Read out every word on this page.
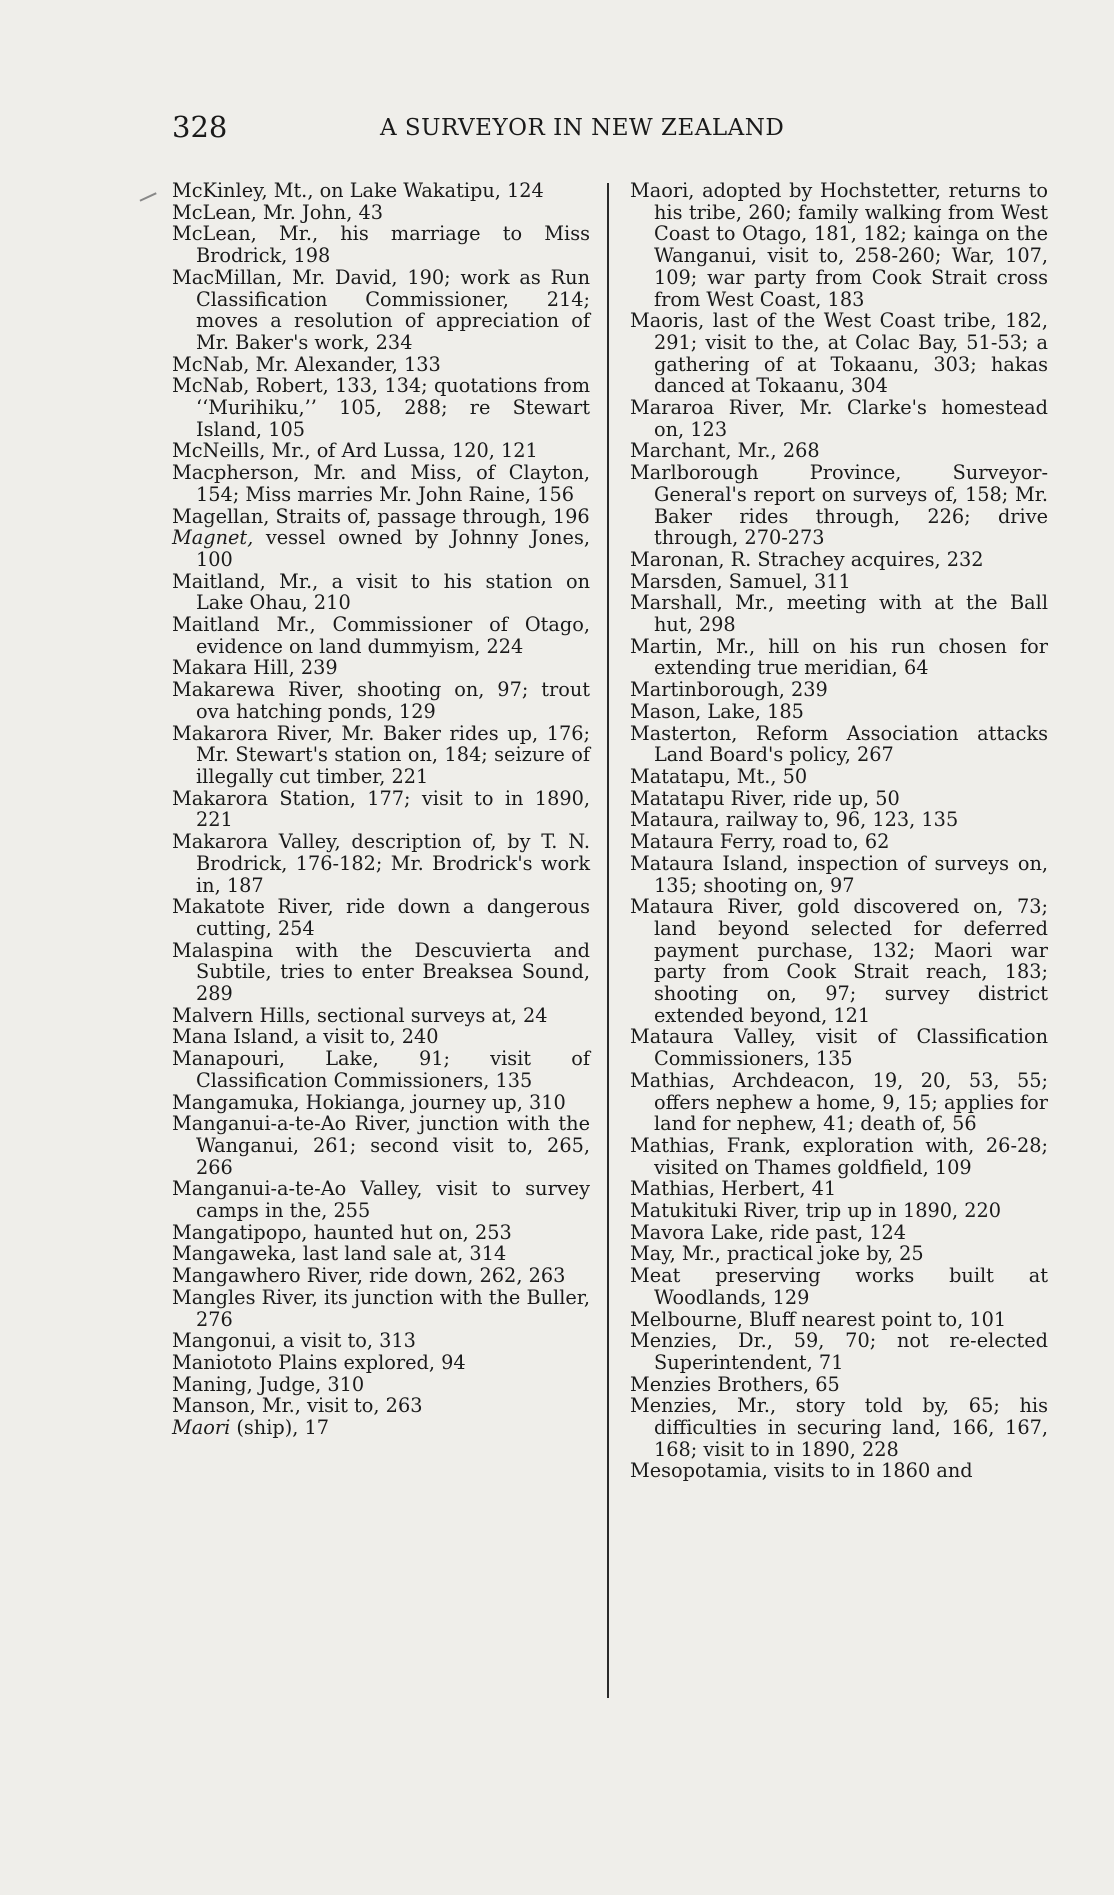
328	A SURVEYOR IN NEW ZEALAND

McKinley, Mt., on Lake Wakatipu, 124

McLean, Mr. John, 43

McLean, Mr., his marriage to Miss Brodrick, 198

MacMillan, Mr. David, 190; work as Run Classification Commissioner, 214; moves a resolution of appreciation of Mr. Baker's work, 234

McNab, Mr. Alexander, 133

McNab, Robert, 133, 134; quotations from ‘‘Murihiku,’’ 105, 288; re Stewart Island, 105

McNeills, Mr., of Ard Lussa, 120, 121

Macpherson, Mr. and Miss, of Clayton, 154; Miss marries Mr. John Raine, 156

Magellan, Straits of, passage through, 196

Magnet, vessel owned by Johnny Jones, 100

Maitland, Mr., a visit to his station on Lake Ohau, 210

Maitland Mr., Commissioner of Otago, evidence on land dummyism, 224

Makara Hill, 239

Makarewa River, shooting on, 97; trout ova hatching ponds, 129

Makarora River, Mr. Baker rides up, 176; Mr. Stewart's station on, 184; seizure of illegally cut timber, 221

Makarora Station, 177; visit to in 1890, 221

Makarora Valley, description of, by T. N. Brodrick, 176-182; Mr. Brodrick's work in, 187

Makatote River, ride down a dangerous cutting, 254

Malaspina with the Descuvierta and Subtile, tries to enter Breaksea Sound, 289

Malvern Hills, sectional surveys at, 24

Mana Island, a visit to, 240

Manapouri, Lake, 91; visit of Classification Commissioners, 135

Mangamuka, Hokianga, journey up, 310

Manganui-a-te-Ao River, junction with the Wanganui, 261; second visit to, 265, 266

Manganui-a-te-Ao Valley, visit to survey camps in the, 255

Mangatipopo, haunted hut on, 253

Mangaweka, last land sale at, 314

Mangawhero River, ride down, 262, 263

Mangles River, its junction with the Buller, 276

Mangonui, a visit to, 313

Maniototo Plains explored, 94

Maning, Judge, 310

Manson, Mr., visit to, 263

Maori (ship), 17

Maori, adopted by Hochstetter, returns to his tribe, 260; family walking from West Coast to Otago, 181, 182; kainga on the Wanganui, visit to, 258-260; War, 107, 109; war party from Cook Strait cross from West Coast, 183

Maoris, last of the West Coast tribe, 182, 291; visit to the, at Colac Bay, 51-53; a gathering of at Tokaanu, 303; hakas danced at Tokaanu, 304

Mararoa River, Mr. Clarke's homestead on, 123

Marchant, Mr., 268

Marlborough Province, Surveyor-General's report on surveys of, 158; Mr. Baker rides through, 226; drive through, 270-273

Maronan, R. Strachey acquires, 232

Marsden, Samuel, 311

Marshall, Mr., meeting with at the Ball hut, 298

Martin, Mr., hill on his run chosen for extending true meridian, 64

Martinborough, 239

Mason, Lake, 185

Masterton, Reform Association attacks Land Board's policy, 267

Matatapu, Mt., 50

Matatapu River, ride up, 50

Mataura, railway to, 96, 123, 135

Mataura Ferry, road to, 62

Mataura Island, inspection of surveys on, 135; shooting on, 97

Mataura River, gold discovered on, 73; land beyond selected for deferred payment purchase, 132; Maori war party from Cook Strait reach, 183; shooting on, 97; survey district extended beyond, 121

Mataura Valley, visit of Classification Commissioners, 135

Mathias, Archdeacon, 19, 20, 53, 55; offers nephew a home, 9, 15; applies for land for nephew, 41; death of, 56

Mathias, Frank, exploration with, 26-28; visited on Thames goldfield, 109

Mathias, Herbert, 41

Matukituki River, trip up in 1890, 220

Mavora Lake, ride past, 124

May, Mr., practical joke by, 25

Meat preserving works built at Woodlands, 129

Melbourne, Bluff nearest point to, 101

Menzies, Dr., 59, 70; not re-elected Superintendent, 71

Menzies Brothers, 65

Menzies, Mr., story told by, 65; his difficulties in securing land, 166, 167, 168; visit to in 1890, 228

Mesopotamia, visits to in 1860 and
